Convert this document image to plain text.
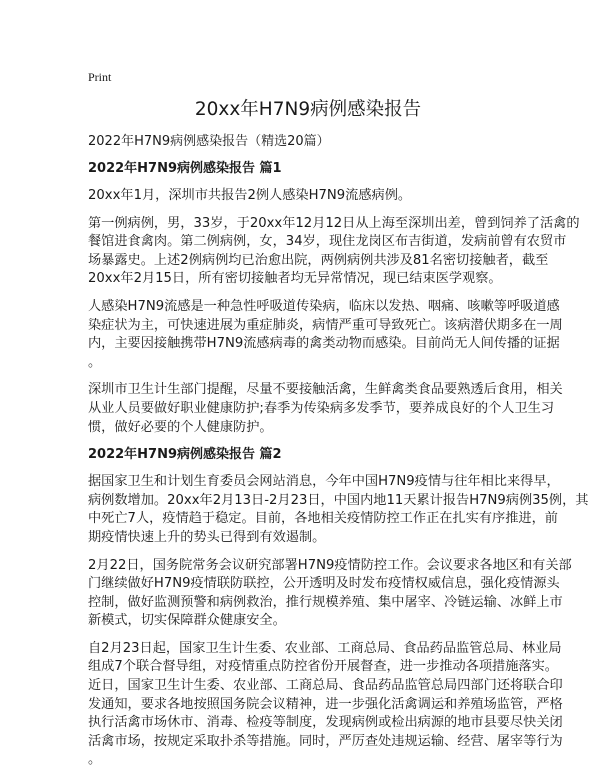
Print
20xx年H7N9病例感染报告
2022年H7N9病例感染报告（精选20篇）
2022年H7N9病例感染报告 篇1
20xx年1月，深圳市共报告2例人感染H7N9流感病例。
第一例病例，男，33岁，于20xx年12月12日从上海至深圳出差，曾到饲养了活禽的
餐馆进食禽肉。第二例病例，女，34岁，现住龙岗区布吉街道，发病前曾有农贸市
场暴露史。上述2例病例均已治愈出院，两例病例共涉及81名密切接触者，截至
20xx年2月15日，所有密切接触者均无异常情况，现已结束医学观察。
人感染H7N9流感是一种急性呼吸道传染病，临床以发热、咽痛、咳嗽等呼吸道感
染症状为主，可快速进展为重症肺炎，病情严重可导致死亡。该病潜伏期多在一周
内，主要因接触携带H7N9流感病毒的禽类动物而感染。目前尚无人间传播的证据
。
深圳市卫生计生部门提醒，尽量不要接触活禽，生鲜禽类食品要熟透后食用，相关
从业人员要做好职业健康防护;春季为传染病多发季节，要养成良好的个人卫生习
惯，做好必要的个人健康防护。
2022年H7N9病例感染报告 篇2
据国家卫生和计划生育委员会网站消息，今年中国H7N9疫情与往年相比来得早，
病例数增加。20xx年2月13日-2月23日，中国内地11天累计报告H7N9病例35例，其
中死亡7人，疫情趋于稳定。目前，各地相关疫情防控工作正在扎实有序推进，前
期疫情快速上升的势头已得到有效遏制。
2月22日，国务院常务会议研究部署H7N9疫情防控工作。会议要求各地区和有关部
门继续做好H7N9疫情联防联控，公开透明及时发布疫情权威信息，强化疫情源头
控制，做好监测预警和病例救治，推行规模养殖、集中屠宰、冷链运输、冰鲜上市
新模式，切实保障群众健康安全。
自2月23日起，国家卫生计生委、农业部、工商总局、食品药品监管总局、林业局
组成7个联合督导组，对疫情重点防控省份开展督查，进一步推动各项措施落实。
近日，国家卫生计生委、农业部、工商总局、食品药品监管总局四部门还将联合印
发通知，要求各地按照国务院会议精神，进一步强化活禽调运和养殖场监管，严格
执行活禽市场休市、消毒、检疫等制度，发现病例或检出病源的地市县要尽快关闭
活禽市场，按规定采取扑杀等措施。同时，严厉查处违规运输、经营、屠宰等行为
。
